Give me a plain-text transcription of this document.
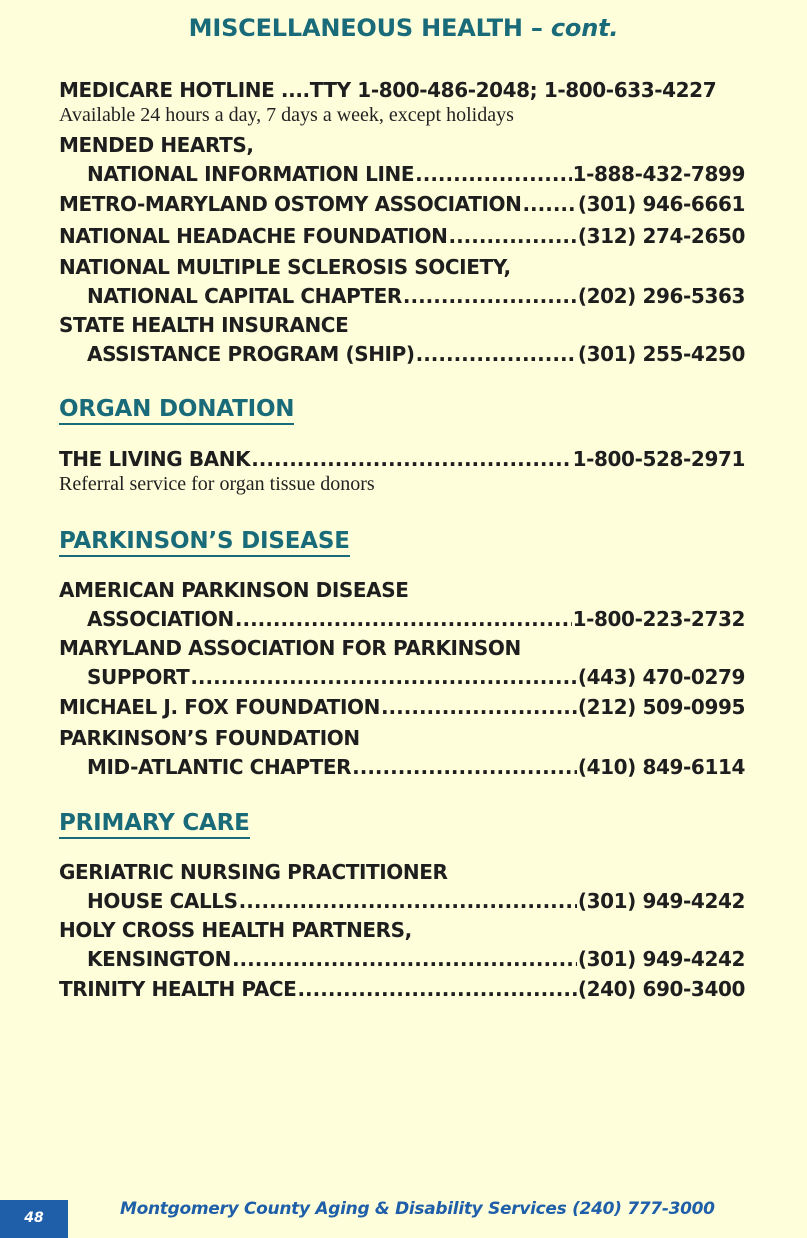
MISCELLANEOUS HEALTH – cont.
MEDICARE HOTLINE ....TTY 1-800-486-2048; 1-800-633-4227
Available 24 hours a day, 7 days a week, except holidays
MENDED HEARTS,
NATIONAL INFORMATION LINE .....	1-888-432-7899
METRO-MARYLAND OSTOMY ASSOCIATION .....	(301) 946-6661
NATIONAL HEADACHE FOUNDATION .....	(312) 274-2650
NATIONAL MULTIPLE SCLEROSIS SOCIETY,
NATIONAL CAPITAL CHAPTER .....	(202) 296-5363
STATE HEALTH INSURANCE
ASSISTANCE PROGRAM (SHIP) .....	(301) 255-4250
ORGAN DONATION
THE LIVING BANK .....	1-800-528-2971
Referral service for organ tissue donors
PARKINSON’S DISEASE
AMERICAN PARKINSON DISEASE
ASSOCIATION .....	1-800-223-2732
MARYLAND ASSOCIATION FOR PARKINSON
SUPPORT .....	(443) 470-0279
MICHAEL J. FOX FOUNDATION .....	(212) 509-0995
PARKINSON’S FOUNDATION
MID-ATLANTIC CHAPTER .....	(410) 849-6114
PRIMARY CARE
GERIATRIC NURSING PRACTITIONER
HOUSE CALLS .....	(301) 949-4242
HOLY CROSS HEALTH PARTNERS,
KENSINGTON .....	(301) 949-4242
TRINITY HEALTH PACE .....	(240) 690-3400
48	Montgomery County Aging & Disability Services (240) 777-3000
